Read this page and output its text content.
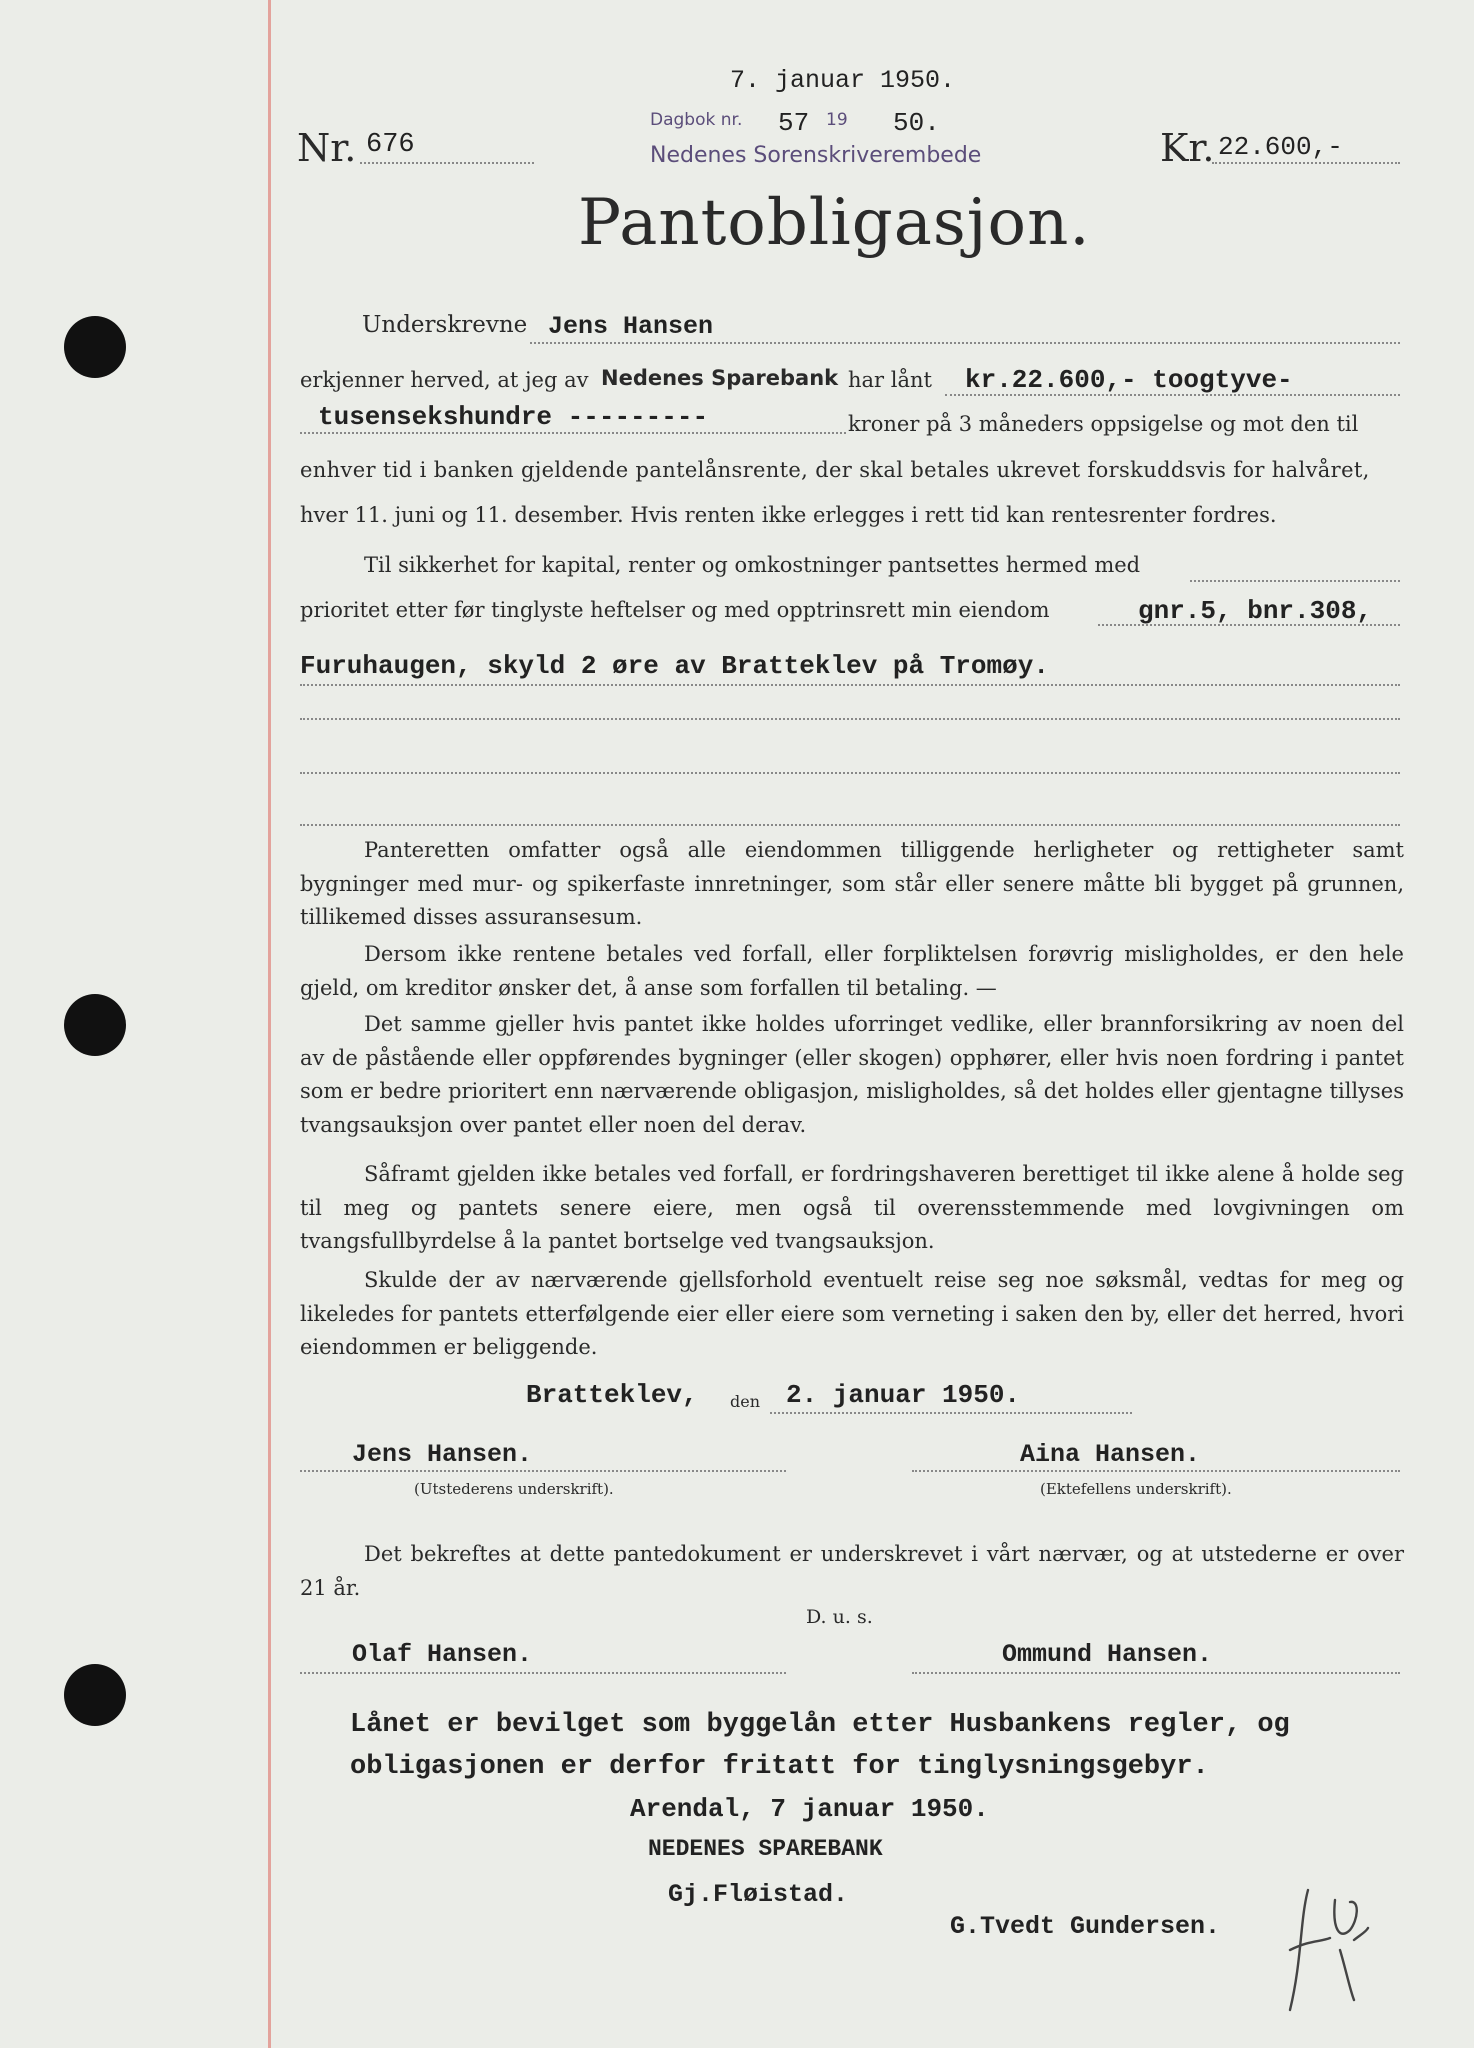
7. januar 1950.
Nr. 676
Dagbok nr. 57 19 50.
Nedenes Sorenskriverembede	Kr. 22.600,-
Pantobligasjon.
Underskrevne Jens Hansen
erkjenner herved, at jeg av Nedenes Sparebank har lånt kr.22.600,- toogtyve-
tusensekshundre ---------	kroner på 3 måneders oppsigelse og mot den til
enhver tid i banken gjeldende pantelånsrente, der skal betales ukrevet forskuddsvis for halvåret,
hver 11. juni og 11. desember. Hvis renten ikke erlegges i rett tid kan rentesrenter fordres.
Til sikkerhet for kapital, renter og omkostninger pantsettes hermed med
prioritet etter før tinglyste heftelser og med opptrinsrett min eiendom	gnr.5, bnr.308,
Furuhaugen, skyld 2 øre av Bratteklev på Tromøy.
Panteretten omfatter også alle eiendommen tilliggende herligheter og rettigheter samt bygninger med mur- og spikerfaste innretninger, som står eller senere måtte bli bygget på grunnen, tillikemed disses assuransesum.
Dersom ikke rentene betales ved forfall, eller forpliktelsen forøvrig misligholdes, er den hele gjeld, om kreditor ønsker det, å anse som forfallen til betaling. —
Det samme gjeller hvis pantet ikke holdes uforringet vedlike, eller brannforsikring av noen del av de påstående eller oppførendes bygninger (eller skogen) opphører, eller hvis noen fordring i pantet som er bedre prioritert enn nærværende obligasjon, misligholdes, så det holdes eller gjentagne tillyses tvangsauksjon over pantet eller noen del derav.
Såframt gjelden ikke betales ved forfall, er fordringshaveren berettiget til ikke alene å holde seg til meg og pantets senere eiere, men også til overensstemmende med lovgivningen om tvangsfullbyrdelse å la pantet bortselge ved tvangsauksjon.
Skulde der av nærværende gjellsforhold eventuelt reise seg noe søksmål, vedtas for meg og likeledes for pantets etterfølgende eier eller eiere som verneting i saken den by, eller det herred, hvori eiendommen er beliggende.
Bratteklev, den 2. januar 1950.
Jens Hansen.
(Utstederens underskrift).
Aina Hansen.
(Ektefellens underskrift).
Det bekreftes at dette pantedokument er underskrevet i vårt nærvær, og at utstederne er over 21 år.
D. u. s.
Olaf Hansen.	Ommund Hansen.
Lånet er bevilget som byggelån etter Husbankens regler, og
obligasjonen er derfor fritatt for tinglysningsgebyr.
Arendal, 7 januar 1950.
NEDENES SPAREBANK
Gj.Fløistad.
G.Tvedt Gundersen.
